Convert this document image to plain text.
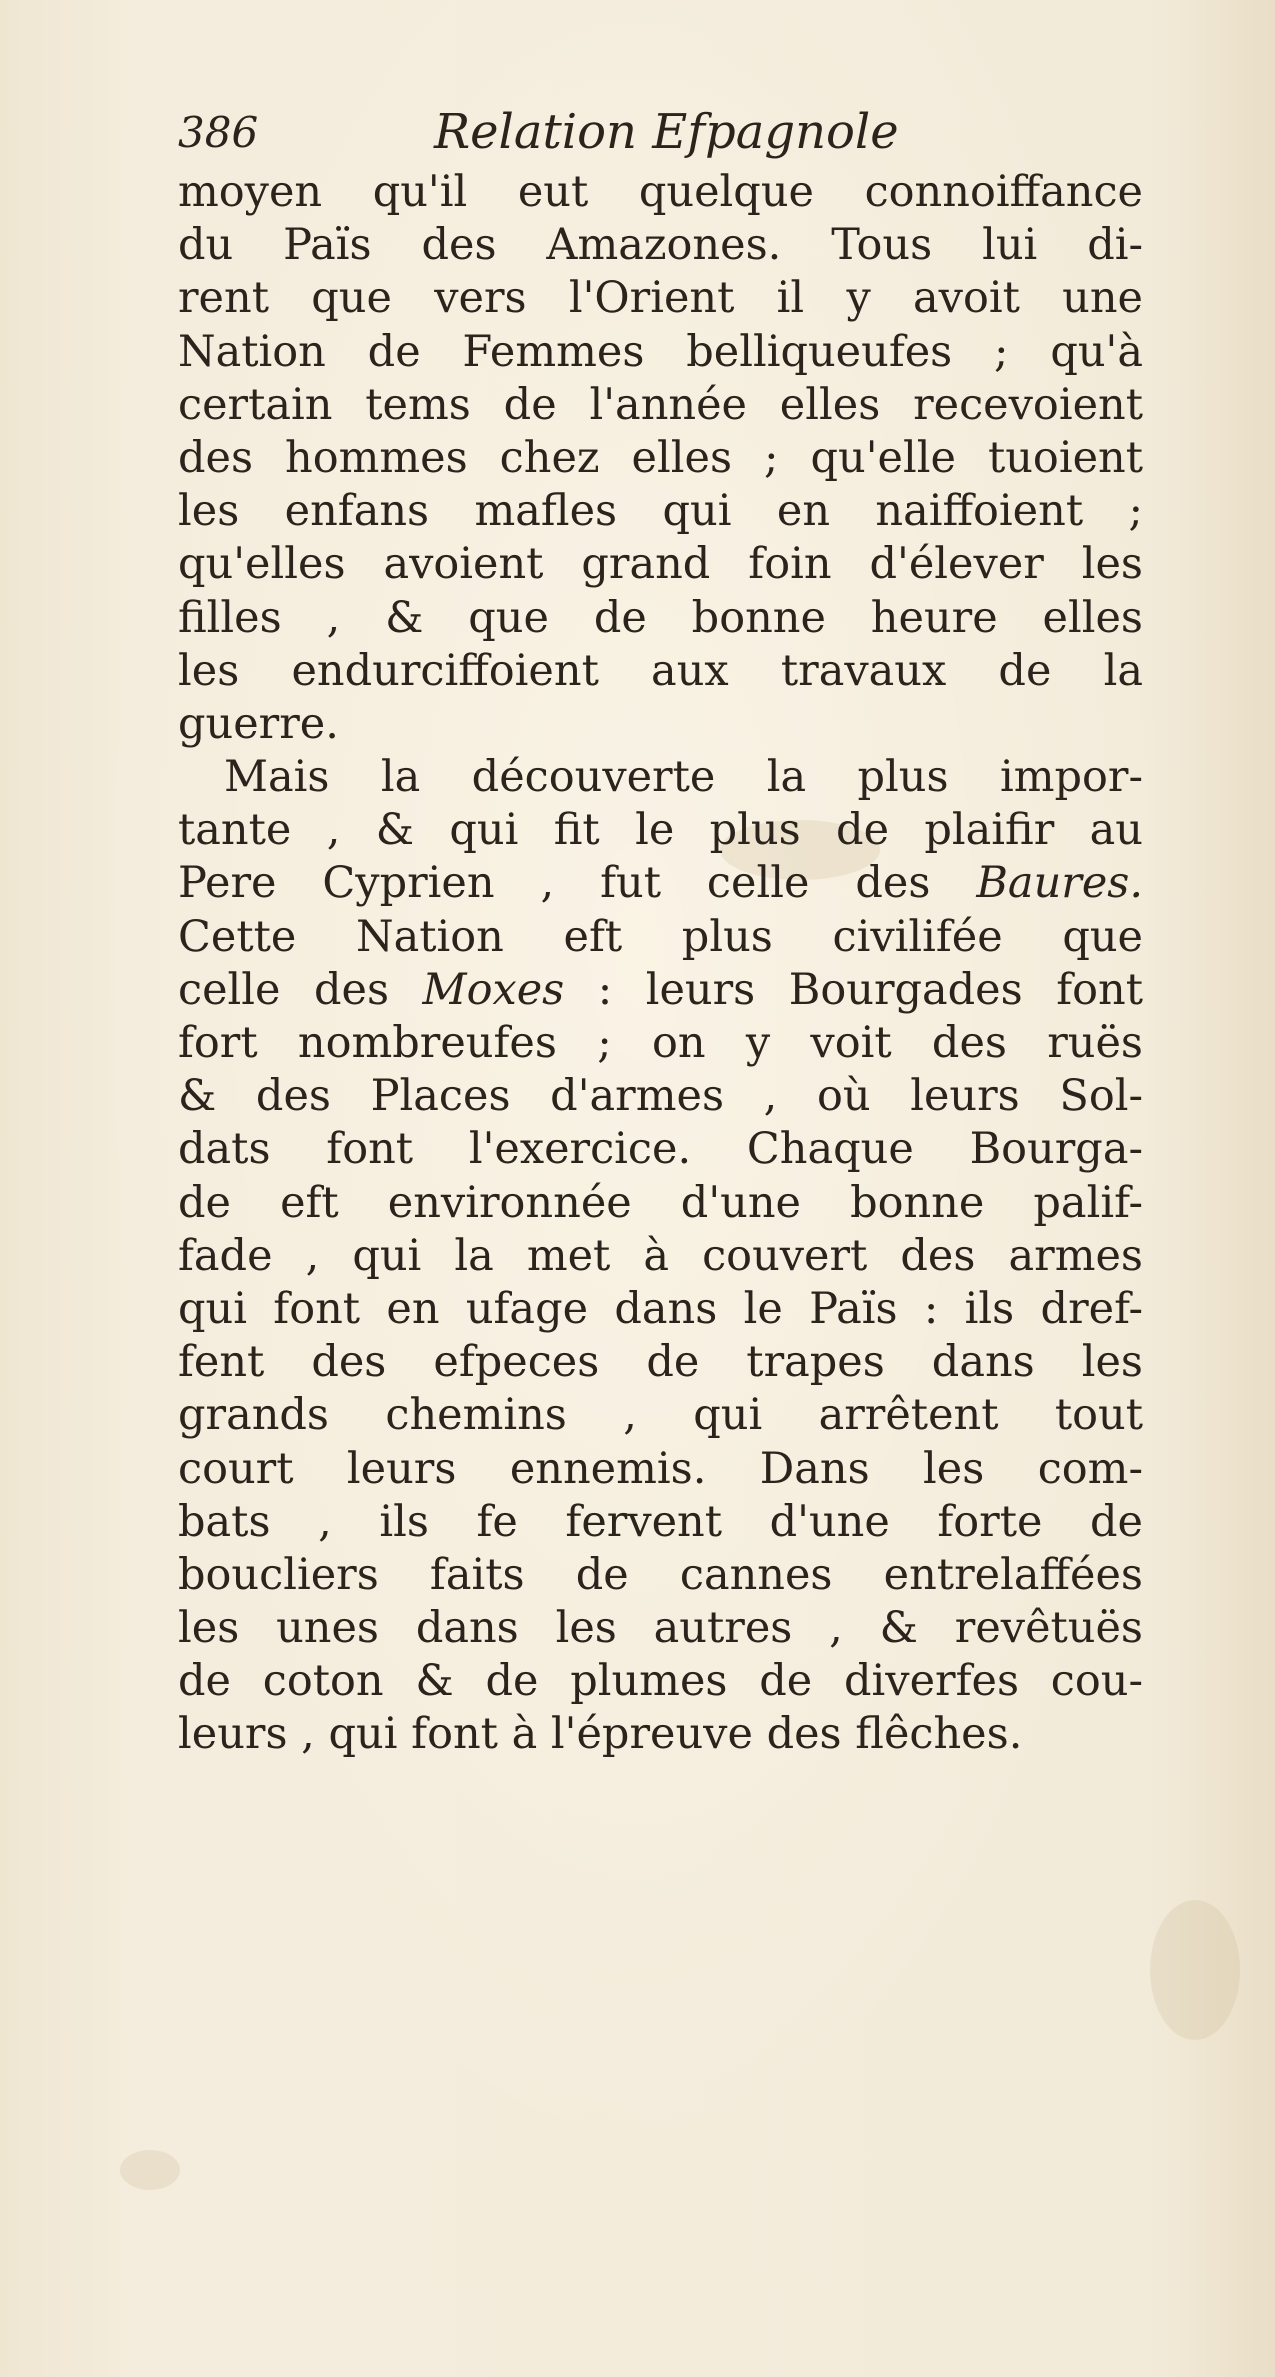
386	Relation Efpagnole
moyen qu'il eut quelque connoiffance
du Païs des Amazones. Tous lui di-
rent que vers l'Orient il y avoit une
Nation de Femmes belliqueufes ; qu'à
certain tems de l'année elles recevoient
des hommes chez elles ; qu'elle tuoient
les enfans mafles qui en naiffoient ;
qu'elles avoient grand foin d'élever les
filles , & que de bonne heure elles
les endurciffoient aux travaux de la
guerre.
Mais la découverte la plus impor-
tante , & qui fit le plus de plaifir au
Pere Cyprien , fut celle des Baures.
Cette Nation eft plus civilifée que
celle des Moxes : leurs Bourgades font
fort nombreufes ; on y voit des ruës
& des Places d'armes , où leurs Sol-
dats font l'exercice. Chaque Bourga-
de eft environnée d'une bonne palif-
fade , qui la met à couvert des armes
qui font en ufage dans le Païs : ils dref-
fent des efpeces de trapes dans les
grands chemins , qui arrêtent tout
court leurs ennemis. Dans les com-
bats , ils fe fervent d'une forte de
boucliers faits de cannes entrelaffées
les unes dans les autres , & revêtuës
de coton & de plumes de diverfes cou-
leurs , qui font à l'épreuve des flêches.
